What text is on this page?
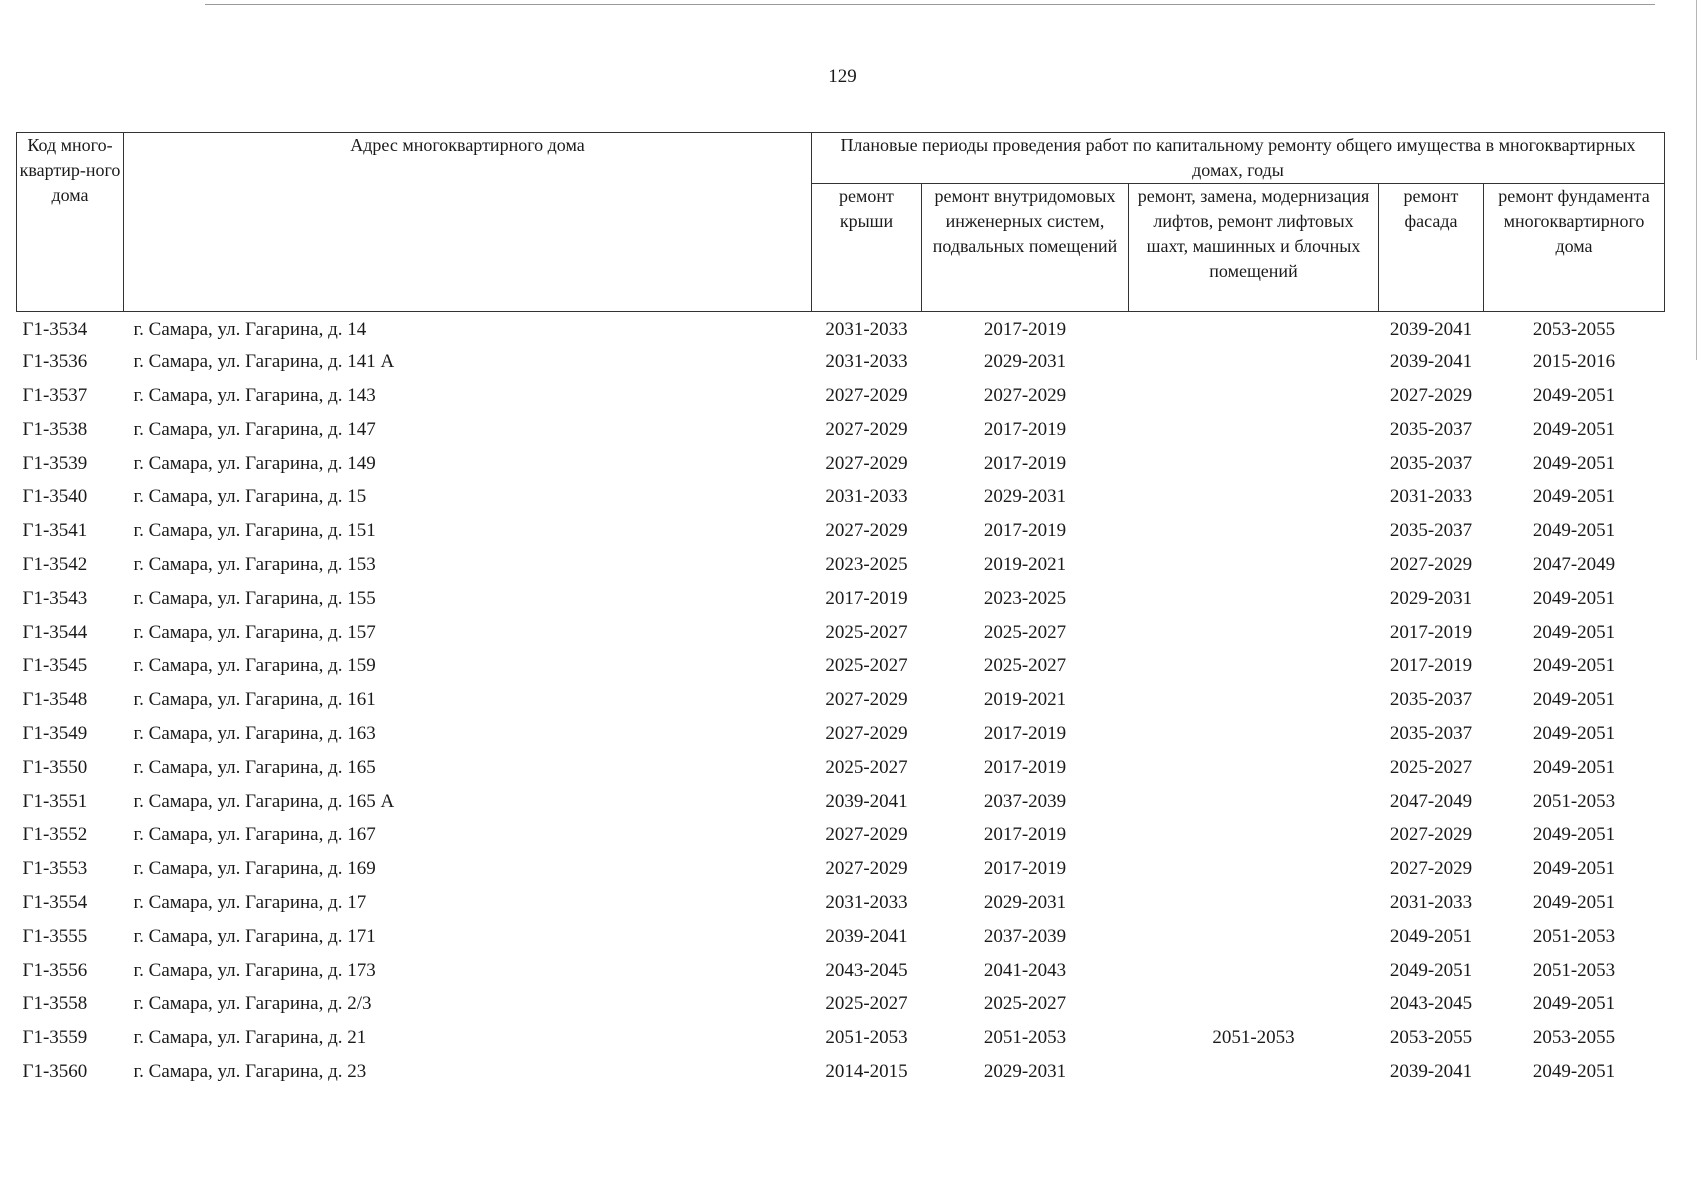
129
Код много-квартир-ного дома	Адрес многоквартирного дома	Плановые периоды проведения работ по капитальному ремонту общего имущества в многоквартирных домах, годы				
		ремонт крыши	ремонт внутридомовых инженерных систем, подвальных помещений	ремонт, замена, модернизация лифтов, ремонт лифтовых шахт, машинных и блочных помещений	ремонт фасада	ремонт фундамента многоквартирного дома
Г1-3534	г. Самара, ул. Гагарина, д. 14	2031-2033	2017-2019		2039-2041	2053-2055
Г1-3536	г. Самара, ул. Гагарина, д. 141 А	2031-2033	2029-2031		2039-2041	2015-2016
Г1-3537	г. Самара, ул. Гагарина, д. 143	2027-2029	2027-2029		2027-2029	2049-2051
Г1-3538	г. Самара, ул. Гагарина, д. 147	2027-2029	2017-2019		2035-2037	2049-2051
Г1-3539	г. Самара, ул. Гагарина, д. 149	2027-2029	2017-2019		2035-2037	2049-2051
Г1-3540	г. Самара, ул. Гагарина, д. 15	2031-2033	2029-2031		2031-2033	2049-2051
Г1-3541	г. Самара, ул. Гагарина, д. 151	2027-2029	2017-2019		2035-2037	2049-2051
Г1-3542	г. Самара, ул. Гагарина, д. 153	2023-2025	2019-2021		2027-2029	2047-2049
Г1-3543	г. Самара, ул. Гагарина, д. 155	2017-2019	2023-2025		2029-2031	2049-2051
Г1-3544	г. Самара, ул. Гагарина, д. 157	2025-2027	2025-2027		2017-2019	2049-2051
Г1-3545	г. Самара, ул. Гагарина, д. 159	2025-2027	2025-2027		2017-2019	2049-2051
Г1-3548	г. Самара, ул. Гагарина, д. 161	2027-2029	2019-2021		2035-2037	2049-2051
Г1-3549	г. Самара, ул. Гагарина, д. 163	2027-2029	2017-2019		2035-2037	2049-2051
Г1-3550	г. Самара, ул. Гагарина, д. 165	2025-2027	2017-2019		2025-2027	2049-2051
Г1-3551	г. Самара, ул. Гагарина, д. 165 А	2039-2041	2037-2039		2047-2049	2051-2053
Г1-3552	г. Самара, ул. Гагарина, д. 167	2027-2029	2017-2019		2027-2029	2049-2051
Г1-3553	г. Самара, ул. Гагарина, д. 169	2027-2029	2017-2019		2027-2029	2049-2051
Г1-3554	г. Самара, ул. Гагарина, д. 17	2031-2033	2029-2031		2031-2033	2049-2051
Г1-3555	г. Самара, ул. Гагарина, д. 171	2039-2041	2037-2039		2049-2051	2051-2053
Г1-3556	г. Самара, ул. Гагарина, д. 173	2043-2045	2041-2043		2049-2051	2051-2053
Г1-3558	г. Самара, ул. Гагарина, д. 2/3	2025-2027	2025-2027		2043-2045	2049-2051
Г1-3559	г. Самара, ул. Гагарина, д. 21	2051-2053	2051-2053	2051-2053	2053-2055	2053-2055
Г1-3560	г. Самара, ул. Гагарина, д. 23	2014-2015	2029-2031		2039-2041	2049-2051
